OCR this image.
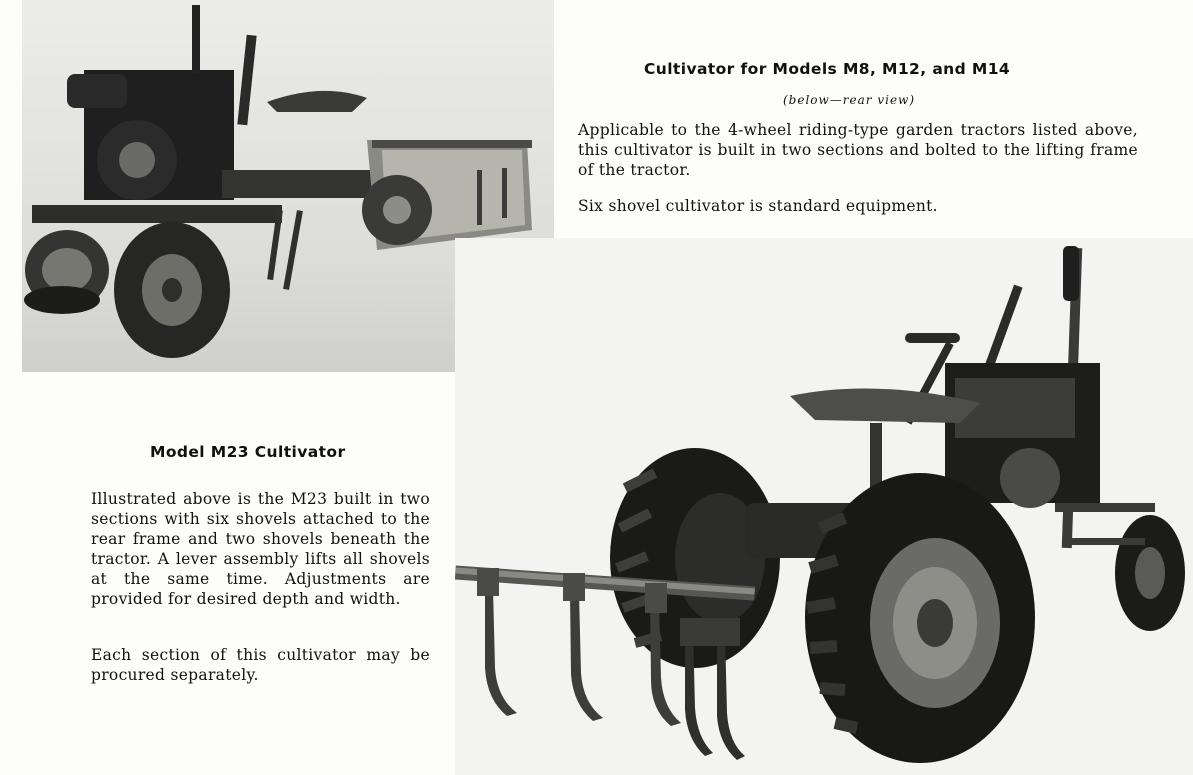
Cultivator for Models M8, M12, and M14

(below—rear view)

Applicable to the 4-wheel riding-type garden tractors listed above, this cultivator is built in two sections and bolted to the lifting frame of the tractor.

Six shovel cultivator is standard equipment.

Model M23 Cultivator

Illustrated above is the M23 built in two sections with six shovels attached to the rear frame and two shovels beneath the tractor. A lever assembly lifts all shovels at the same time. Adjustments are provided for desired depth and width.

Each section of this cultivator may be procured separately.
